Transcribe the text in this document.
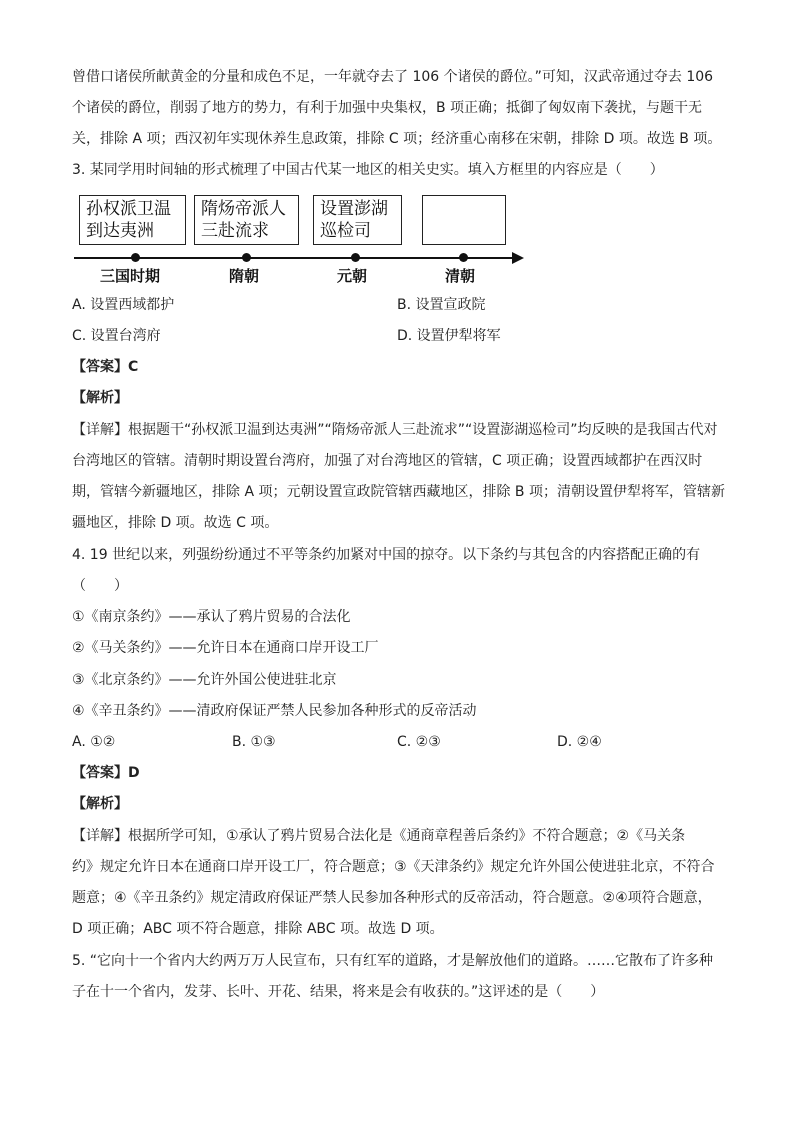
曾借口诸侯所献黄金的分量和成色不足，一年就夺去了 106 个诸侯的爵位。”可知，汉武帝通过夺去 106
个诸侯的爵位，削弱了地方的势力，有利于加强中央集权，B 项正确；抵御了匈奴南下袭扰，与题干无
关，排除 A 项；西汉初年实现休养生息政策，排除 C 项；经济重心南移在宋朝，排除 D 项。故选 B 项。
3. 某同学用时间轴的形式梳理了中国古代某一地区的相关史实。填入方框里的内容应是（　　）
孙权派卫温
到达夷洲
隋炀帝派人
三赴流求
设置澎湖
巡检司
三国时期	隋朝	元朝	清朝
A. 设置西域都护	B. 设置宣政院
C. 设置台湾府	D. 设置伊犁将军
【答案】C
【解析】
【详解】根据题干“孙权派卫温到达夷洲”“隋炀帝派人三赴流求”“设置澎湖巡检司”均反映的是我国古代对
台湾地区的管辖。清朝时期设置台湾府，加强了对台湾地区的管辖，C 项正确；设置西域都护在西汉时
期，管辖今新疆地区，排除 A 项；元朝设置宣政院管辖西藏地区，排除 B 项；清朝设置伊犁将军，管辖新
疆地区，排除 D 项。故选 C 项。
4. 19 世纪以来，列强纷纷通过不平等条约加紧对中国的掠夺。以下条约与其包含的内容搭配正确的有
（　　）
①《南京条约》——承认了鸦片贸易的合法化
②《马关条约》——允许日本在通商口岸开设工厂
③《北京条约》——允许外国公使进驻北京
④《辛丑条约》——清政府保证严禁人民参加各种形式的反帝活动
A. ①②	B. ①③	C. ②③	D. ②④
【答案】D
【解析】
【详解】根据所学可知，①承认了鸦片贸易合法化是《通商章程善后条约》不符合题意；②《马关条
约》规定允许日本在通商口岸开设工厂，符合题意；③《天津条约》规定允许外国公使进驻北京，不符合
题意；④《辛丑条约》规定清政府保证严禁人民参加各种形式的反帝活动，符合题意。②④项符合题意，
D 项正确；ABC 项不符合题意，排除 ABC 项。故选 D 项。
5. “它向十一个省内大约两万万人民宣布，只有红军的道路，才是解放他们的道路。……它散布了许多种
子在十一个省内，发芽、长叶、开花、结果，将来是会有收获的。”这评述的是（　　）
